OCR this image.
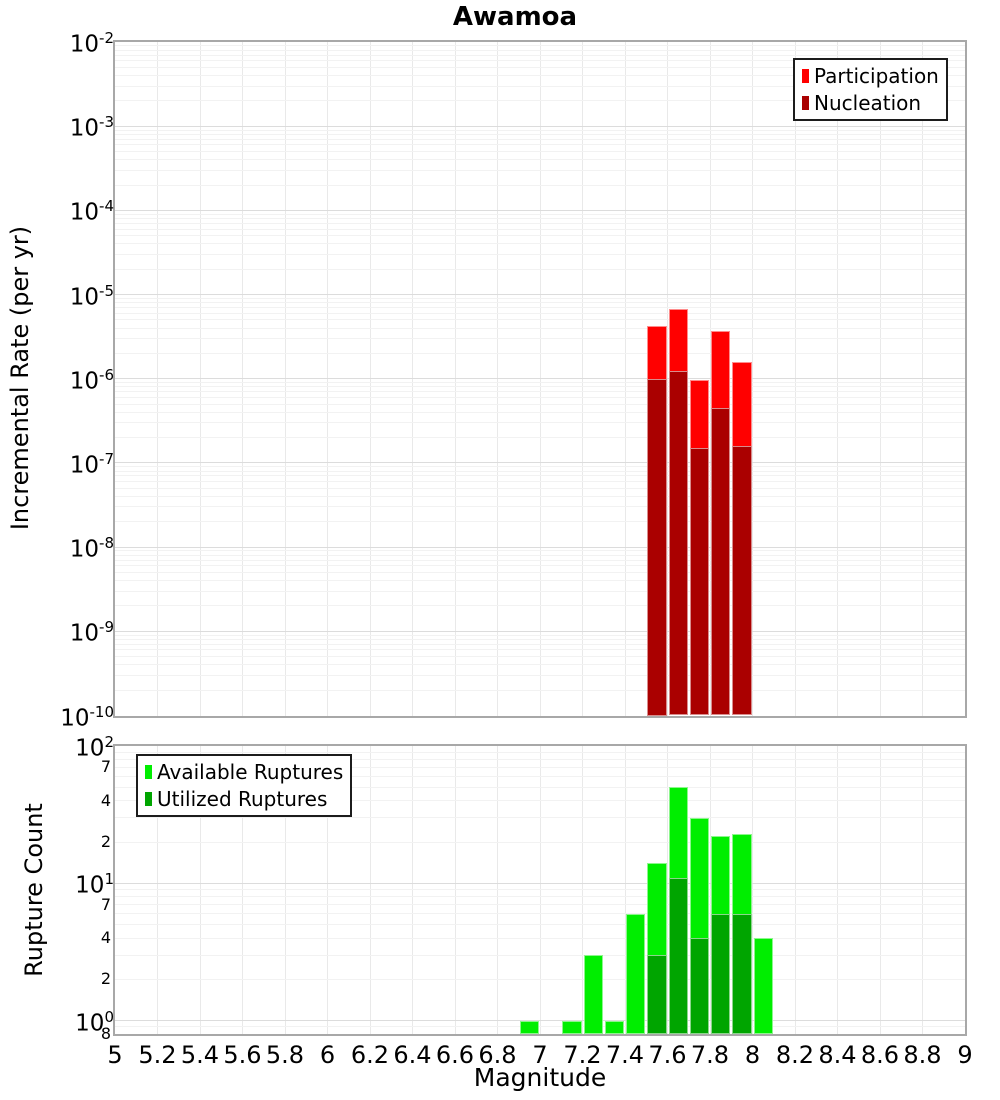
Awamoa
Incremental Rate (per yr)
Rupture Count
Magnitude
Participation
Nucleation
Available Ruptures
Utilized Ruptures
$10^{-2}$
$10^{-3}$
$10^{-4}$
$10^{-5}$
$10^{-6}$
$10^{-7}$
$10^{-8}$
$10^{-9}$
$10^{-10}$
$10^2$
$10^1$
$10^0$
7
4
2
7
4
2
8
5 5.2 5.4 5.6 5.8 6 6.2 6.4 6.6 6.8 7 7.2 7.4 7.6 7.8 8 8.2 8.4 8.6 8.8 9
